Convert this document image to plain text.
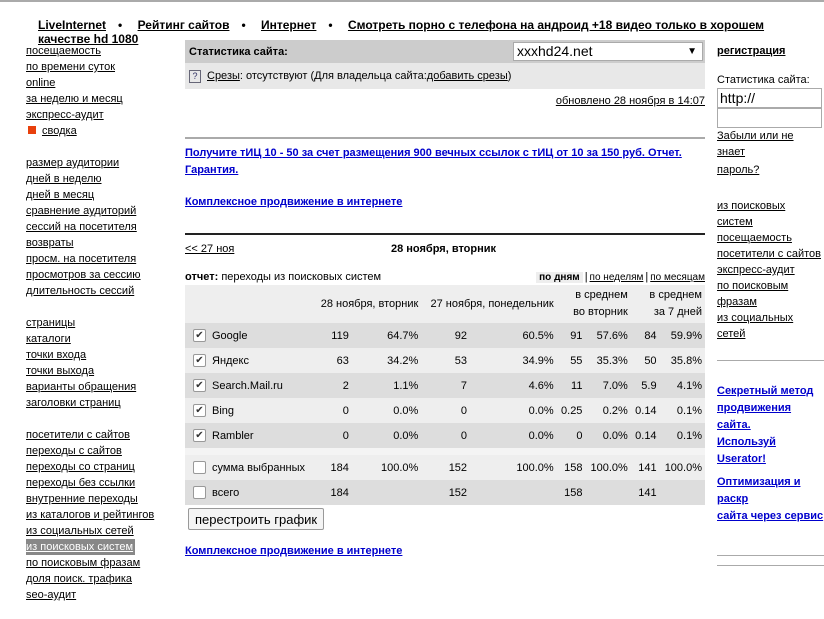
LiveInternet • Рейтинг сайтов • Интернет • Смотреть порно с телефона на андроид +18 видео только в хорошем качестве hd 1080
посещаемость
по времени суток
online
за неделю и месяц
экспресс-аудит
сводка
размер аудитории
дней в неделю
дней в месяц
сравнение аудиторий
сессий на посетителя
возвраты
просм. на посетителя
просмотров за сессию
длительность сессий
страницы
каталоги
точки входа
точки выхода
варианты обращения
заголовки страниц
посетители с сайтов
переходы с сайтов
переходы со страниц
переходы без ссылки
внутренние переходы
из каталогов и рейтингов
из социальных сетей
из поисковых систем

по поисковым фразам
доля поиск. трафика
seo-аудит
Статистика сайта:	xxxhd24.net	▼
? Срезы : отсутствуют (Для владельца сайта: добавить срезы )
обновлено 28 ноября в 14:07
Получите тИЦ 10 - 50 за счет размещения 900 вечных ссылок с тИЦ от 10 за 150 руб. Отчет. Гарантия.
Комплексное продвижение в интернете
<< 27 ноя	28 ноября, вторник
отчет: переходы из поисковых систем	по дням | по неделям | по месяцам
		28 ноября, вторник		27 ноября, понедельник		в среднем
во вторник		в среднем
за 7 дней	
✔	Google	119	64.7%	92	60.5%	91	57.6%	84	59.9%
✔	Яндекс	63	34.2%	53	34.9%	55	35.3%	50	35.8%
✔	Search.Mail.ru	2	1.1%	7	4.6%	11	7.0%	5.9	4.1%
✔	Bing	0	0.0%	0	0.0%	0.25	0.2%	0.14	0.1%
✔	Rambler	0	0.0%	0	0.0%	0	0.0%	0.14	0.1%

	сумма выбранных	184	100.0%	152	100.0%	158	100.0%	141	100.0%
	всего	184		152		158		141	
перестроить график
Комплексное продвижение в интернете
регистрация
Статистика сайта:
http://
Забыли или не знает
пароль?
из поисковых систем
посещаемость
посетители с сайтов
экспресс-аудит
по поисковым фразам
из социальных сетей
Секретный метод
продвижения сайта.
Используй Userator!
Оптимизация и раскр
сайта через сервис
